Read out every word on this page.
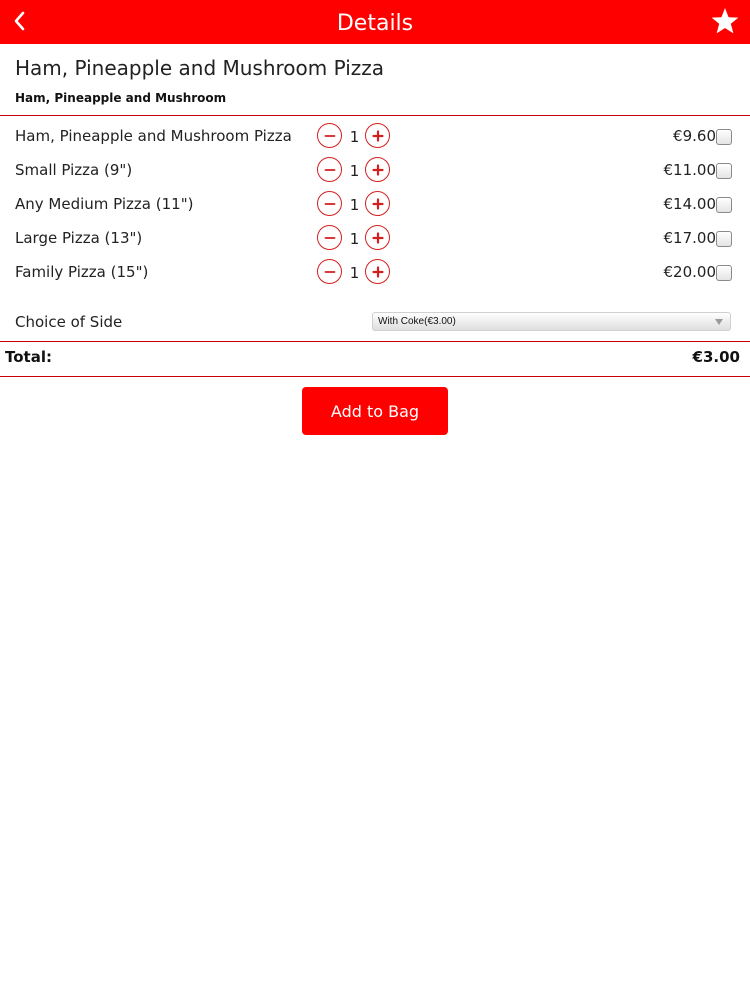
Details
Ham, Pineapple and Mushroom Pizza
Ham, Pineapple and Mushroom
Ham, Pineapple and Mushroom Pizza	1	€9.60
Small Pizza (9")	1	€11.00
Any Medium Pizza (11")	1	€14.00
Large Pizza (13")	1	€17.00
Family Pizza (15")	1	€20.00
Choice of Side	With Coke(€3.00)
Total:	€3.00
Add to Bag
